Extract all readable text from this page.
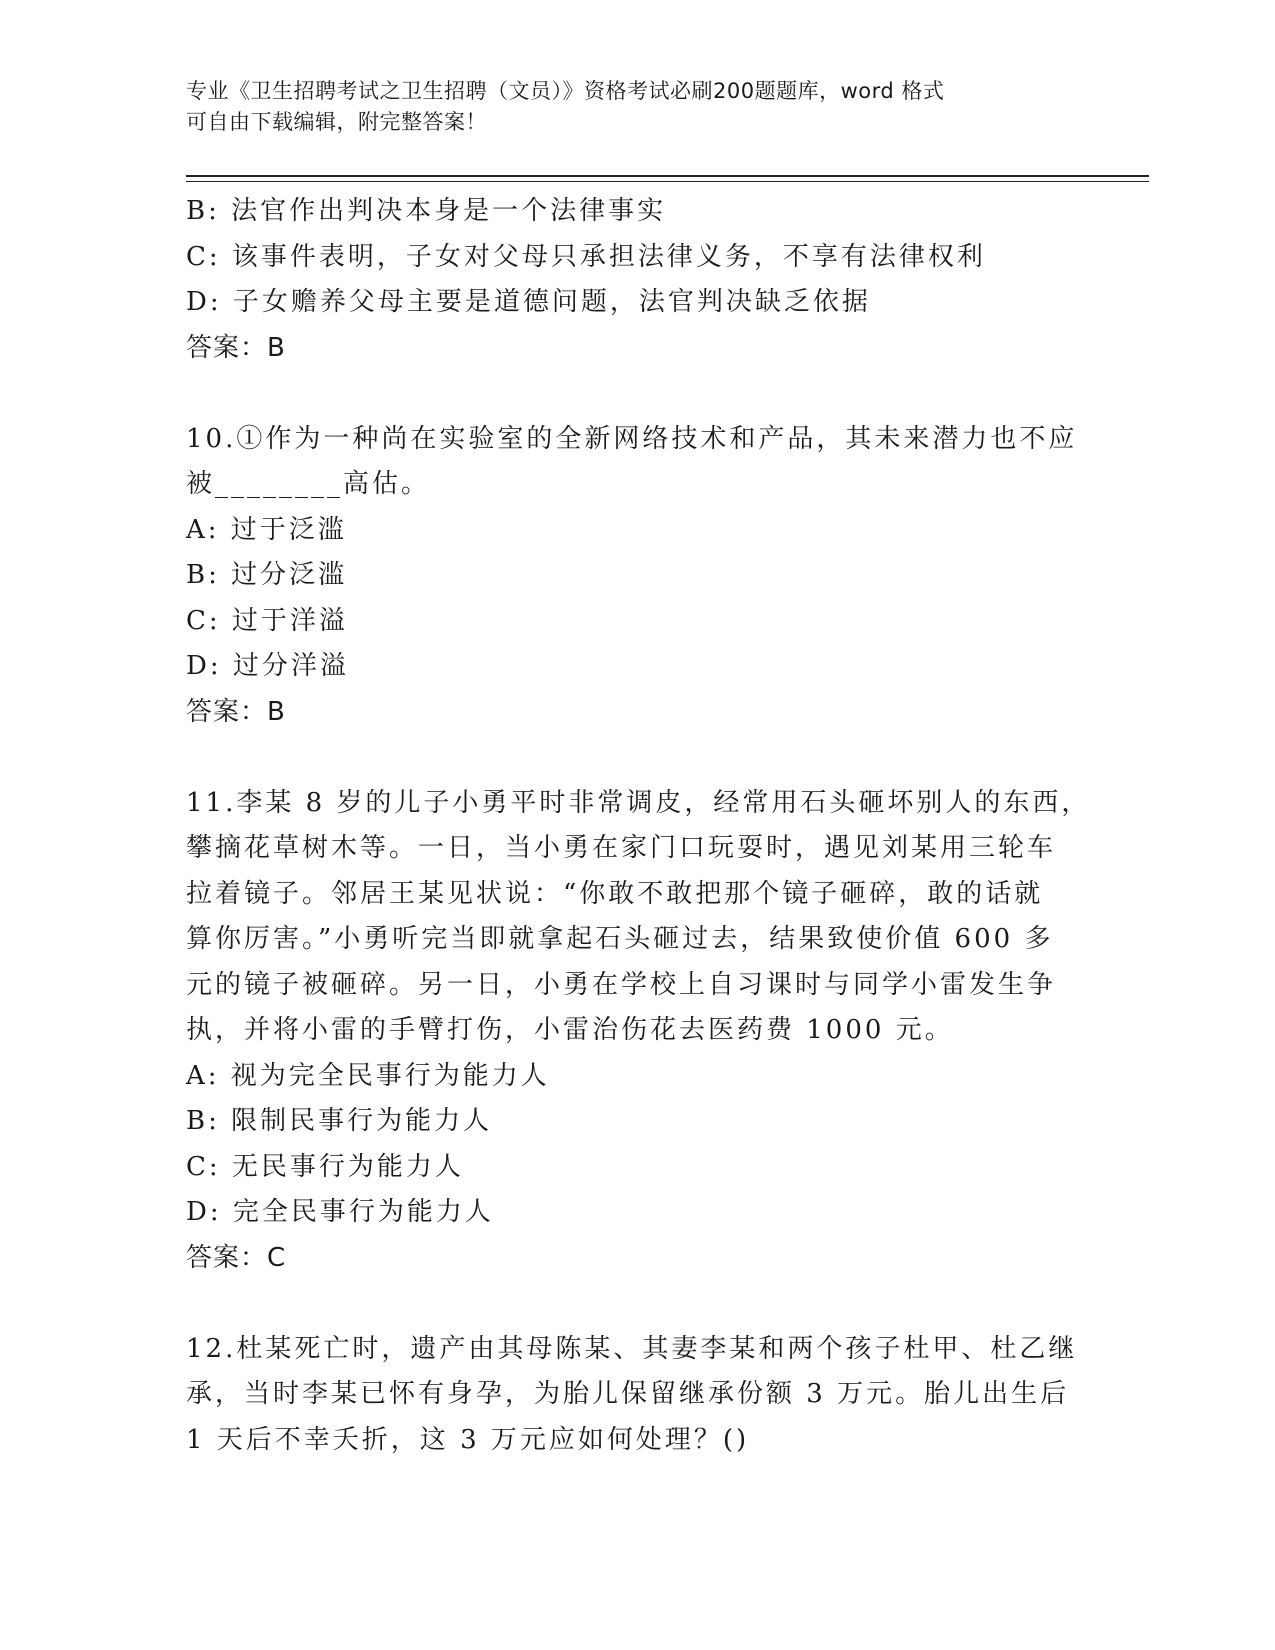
专业《卫生招聘考试之卫生招聘（文员）》资格考试必刷200题题库，word 格式
可自由下载编辑，附完整答案！
B: 法官作出判决本身是一个法律事实
C: 该事件表明，子女对父母只承担法律义务，不享有法律权利
D: 子女赡养父母主要是道德问题，法官判决缺乏依据
答案：B
10.①作为一种尚在实验室的全新网络技术和产品，其未来潜力也不应
被________高估。
A: 过于泛滥
B: 过分泛滥
C: 过于洋溢
D: 过分洋溢
答案：B
11.李某 8 岁的儿子小勇平时非常调皮，经常用石头砸坏别人的东西，
攀摘花草树木等。一日，当小勇在家门口玩耍时，遇见刘某用三轮车
拉着镜子。邻居王某见状说：“你敢不敢把那个镜子砸碎，敢的话就
算你厉害。”小勇听完当即就拿起石头砸过去，结果致使价值 600 多
元的镜子被砸碎。另一日，小勇在学校上自习课时与同学小雷发生争
执，并将小雷的手臂打伤，小雷治伤花去医药费 1000 元。
A: 视为完全民事行为能力人
B: 限制民事行为能力人
C: 无民事行为能力人
D: 完全民事行为能力人
答案：C
12.杜某死亡时，遗产由其母陈某、其妻李某和两个孩子杜甲、杜乙继
承，当时李某已怀有身孕，为胎儿保留继承份额 3 万元。胎儿出生后
1 天后不幸夭折，这 3 万元应如何处理？()
